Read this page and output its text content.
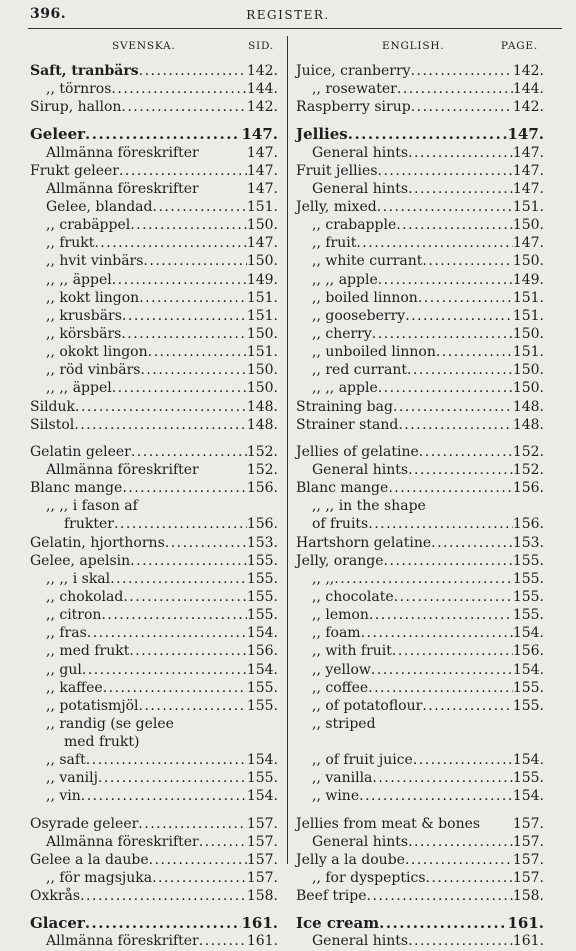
396.	REGISTER.
SVENSKA.	SID.
Saft, tranbärs .....	142.
,, törnros .....	144.
Sirup, hallon .....	142.
Geleer .....	147.
Allmänna föreskrifter	147.
Frukt geleer .....	147.
Allmänna föreskrifter	147.
Gelee, blandad .....	151.
,, crabäppel .....	150.
,, frukt .....	147.
,, hvit vinbärs .....	150.
,, ,, äppel .....	149.
,, kokt lingon .....	151.
,, krusbärs .....	151.
,, körsbärs .....	150.
,, okokt lingon .....	151.
,, röd vinbärs .....	150.
,, ,, äppel .....	150.
Silduk .....	148.
Silstol .....	148.
Gelatin geleer .....	152.
Allmänna föreskrifter	152.
Blanc mange .....	156.
,, ,, i fason af
frukter .....	156.
Gelatin, hjorthorns .....	153.
Gelee, apelsin .....	155.
,, ,, i skal .....	155.
,, chokolad .....	155.
,, citron .....	155.
,, fras .....	154.
,, med frukt .....	156.
,, gul .....	154.
,, kaffee .....	155.
,, potatismjöl .....	155.
,, randig (se gelee
med frukt)
,, saft .....	154.
,, vanilj .....	155.
,, vin .....	154.
Osyrade geleer .....	157.
Allmänna föreskrifter .....	157.
Gelee a la daube .....	157.
,, för magsjuka .....	157.
Oxkrås .....	158.
Glacer .....	161.
Allmänna föreskrifter .....	161.
ENGLISH.	PAGE.
Juice, cranberry .....	142.
,, rosewater .....	144.
Raspberry sirup .....	142.
Jellies .....	147.
General hints .....	147.
Fruit jellies .....	147.
General hints .....	147.
Jelly, mixed .....	151.
,, crabapple .....	150.
,, fruit .....	147.
,, white currant .....	150.
,, ,, apple .....	149.
,, boiled linnon .....	151.
,, gooseberry .....	151.
,, cherry .....	150.
,, unboiled linnon .....	151.
,, red currant .....	150.
,, ,, apple .....	150.
Straining bag .....	148.
Strainer stand .....	148.
Jellies of gelatine .....	152.
General hints .....	152.
Blanc mange .....	156.
,, ,, in the shape
of fruits .....	156.
Hartshorn gelatine .....	153.
Jelly, orange .....	155.
,, ,, .....	155.
,, chocolate .....	155.
,, lemon .....	155.
,, foam .....	154.
,, with fruit .....	156.
,, yellow .....	154.
,, coffee .....	155.
,, of potatoflour .....	155.
,, striped
,, of fruit juice .....	154.
,, vanilla .....	155.
,, wine .....	154.
Jellies from meat & bones 157.
General hints .....	157.
Jelly a la doube .....	157.
,, for dyspeptics .....	157.
Beef tripe .....	158.
Ice cream .....	161.
General hints .....	161.
